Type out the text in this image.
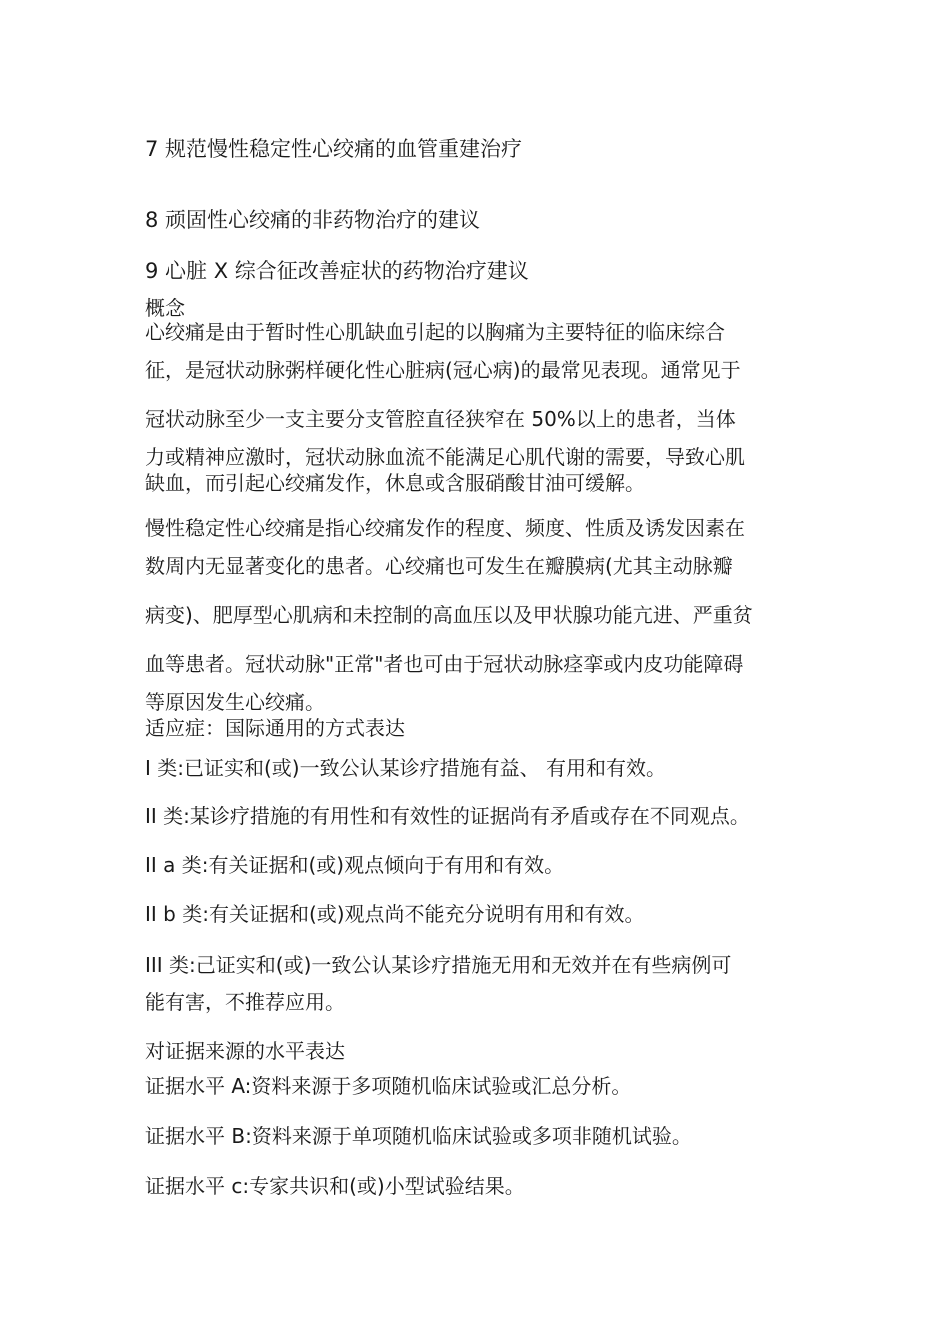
7 规范慢性稳定性心绞痛的血管重建治疗
8 顽固性心绞痛的非药物治疗的建议
9 心脏 X 综合征改善症状的药物治疗建议
概念
心绞痛是由于暂时性心肌缺血引起的以胸痛为主要特征的临床综合
征，是冠状动脉粥样硬化性心脏病(冠心病)的最常见表现。通常见于
冠状动脉至少一支主要分支管腔直径狭窄在 50%以上的患者，当体
力或精神应激时，冠状动脉血流不能满足心肌代谢的需要，导致心肌
缺血，而引起心绞痛发作，休息或含服硝酸甘油可缓解。
慢性稳定性心绞痛是指心绞痛发作的程度、频度、性质及诱发因素在
数周内无显著变化的患者。心绞痛也可发生在瓣膜病(尤其主动脉瓣
病变)、肥厚型心肌病和未控制的高血压以及甲状腺功能亢进、严重贫
血等患者。冠状动脉"正常"者也可由于冠状动脉痉挛或内皮功能障碍
等原因发生心绞痛。
适应症：国际通用的方式表达
I 类:已证实和(或)一致公认某诊疗措施有益、 有用和有效。
II 类:某诊疗措施的有用性和有效性的证据尚有矛盾或存在不同观点。
II a 类:有关证据和(或)观点倾向于有用和有效。
II b 类:有关证据和(或)观点尚不能充分说明有用和有效。
III 类:己证实和(或)一致公认某诊疗措施无用和无效并在有些病例可
能有害，不推荐应用。
对证据来源的水平表达
证据水平 A:资料来源于多项随机临床试验或汇总分析。
证据水平 B:资料来源于单项随机临床试验或多项非随机试验。
证据水平 c:专家共识和(或)小型试验结果。
